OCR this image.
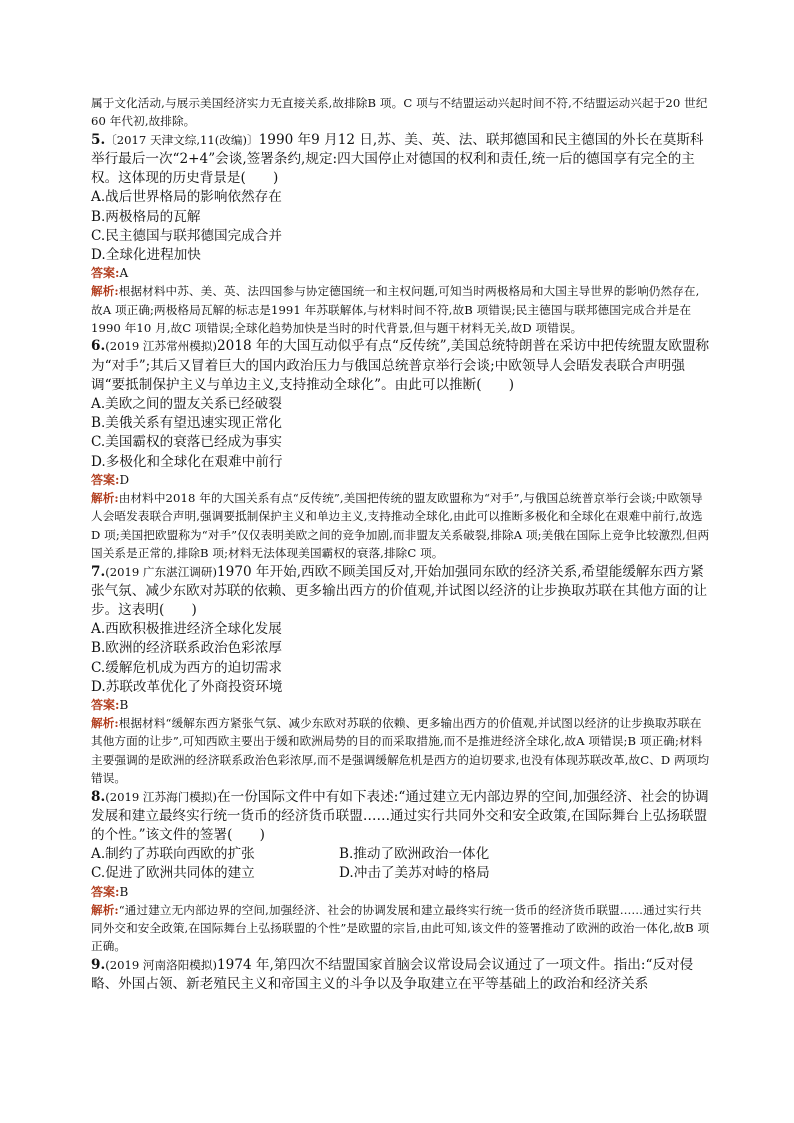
属于文化活动,与展示美国经济实力无直接关系,故排除B 项。C 项与不结盟运动兴起时间不符,不结盟运动兴起于20 世纪60 年代初,故排除。

5.〔2017 天津文综,11(改编)〕1990 年9 月12 日,苏、美、英、法、联邦德国和民主德国的外长在莫斯科举行最后一次“2+4”会谈,签署条约,规定:四大国停止对德国的权利和责任,统一后的德国享有完全的主权。这体现的历史背景是(　　)

A.战后世界格局的影响依然存在
B.两极格局的瓦解
C.民主德国与联邦德国完成合并
D.全球化进程加快
答案:A

解析:根据材料中苏、美、英、法四国参与协定德国统一和主权问题,可知当时两极格局和大国主导世界的影响仍然存在,故A 项正确;两极格局瓦解的标志是1991 年苏联解体,与材料时间不符,故B 项错误;民主德国与联邦德国完成合并是在1990 年10 月,故C 项错误;全球化趋势加快是当时的时代背景,但与题干材料无关,故D 项错误。

6.(2019 江苏常州模拟)2018 年的大国互动似乎有点“反传统”,美国总统特朗普在采访中把传统盟友欧盟称为“对手”;其后又冒着巨大的国内政治压力与俄国总统普京举行会谈;中欧领导人会晤发表联合声明强调“要抵制保护主义与单边主义,支持推动全球化”。由此可以推断(　　)

A.美欧之间的盟友关系已经破裂
B.美俄关系有望迅速实现正常化
C.美国霸权的衰落已经成为事实
D.多极化和全球化在艰难中前行
答案:D

解析:由材料中2018 年的大国关系有点“反传统”,美国把传统的盟友欧盟称为“对手”,与俄国总统普京举行会谈;中欧领导人会晤发表联合声明,强调要抵制保护主义和单边主义,支持推动全球化,由此可以推断多极化和全球化在艰难中前行,故选D 项;美国把欧盟称为“对手”仅仅表明美欧之间的竞争加剧,而非盟友关系破裂,排除A 项;美俄在国际上竞争比较激烈,但两国关系是正常的,排除B 项;材料无法体现美国霸权的衰落,排除C 项。

7.(2019 广东湛江调研)1970 年开始,西欧不顾美国反对,开始加强同东欧的经济关系,希望能缓解东西方紧张气氛、减少东欧对苏联的依赖、更多输出西方的价值观,并试图以经济的让步换取苏联在其他方面的让步。这表明(　　)

A.西欧积极推进经济全球化发展
B.欧洲的经济联系政治色彩浓厚
C.缓解危机成为西方的迫切需求
D.苏联改革优化了外商投资环境
答案:B

解析:根据材料“缓解东西方紧张气氛、减少东欧对苏联的依赖、更多输出西方的价值观,并试图以经济的让步换取苏联在其他方面的让步”,可知西欧主要出于缓和欧洲局势的目的而采取措施,而不是推进经济全球化,故A 项错误;B 项正确;材料主要强调的是欧洲的经济联系政治色彩浓厚,而不是强调缓解危机是西方的迫切要求,也没有体现苏联改革,故C、D 两项均错误。

8.(2019 江苏海门模拟)在一份国际文件中有如下表述:“通过建立无内部边界的空间,加强经济、社会的协调发展和建立最终实行统一货币的经济货币联盟……通过实行共同外交和安全政策,在国际舞台上弘扬联盟的个性。”该文件的签署(　　)

A.制约了苏联向西欧的扩张	B.推动了欧洲政治一体化
C.促进了欧洲共同体的建立	D.冲击了美苏对峙的格局
答案:B

解析:“通过建立无内部边界的空间,加强经济、社会的协调发展和建立最终实行统一货币的经济货币联盟……通过实行共同外交和安全政策,在国际舞台上弘扬联盟的个性”是欧盟的宗旨,由此可知,该文件的签署推动了欧洲的政治一体化,故B 项正确。

9.(2019 河南洛阳模拟)1974 年,第四次不结盟国家首脑会议常设局会议通过了一项文件。指出:“反对侵略、外国占领、新老殖民主义和帝国主义的斗争以及争取建立在平等基础上的政治和经济关系
